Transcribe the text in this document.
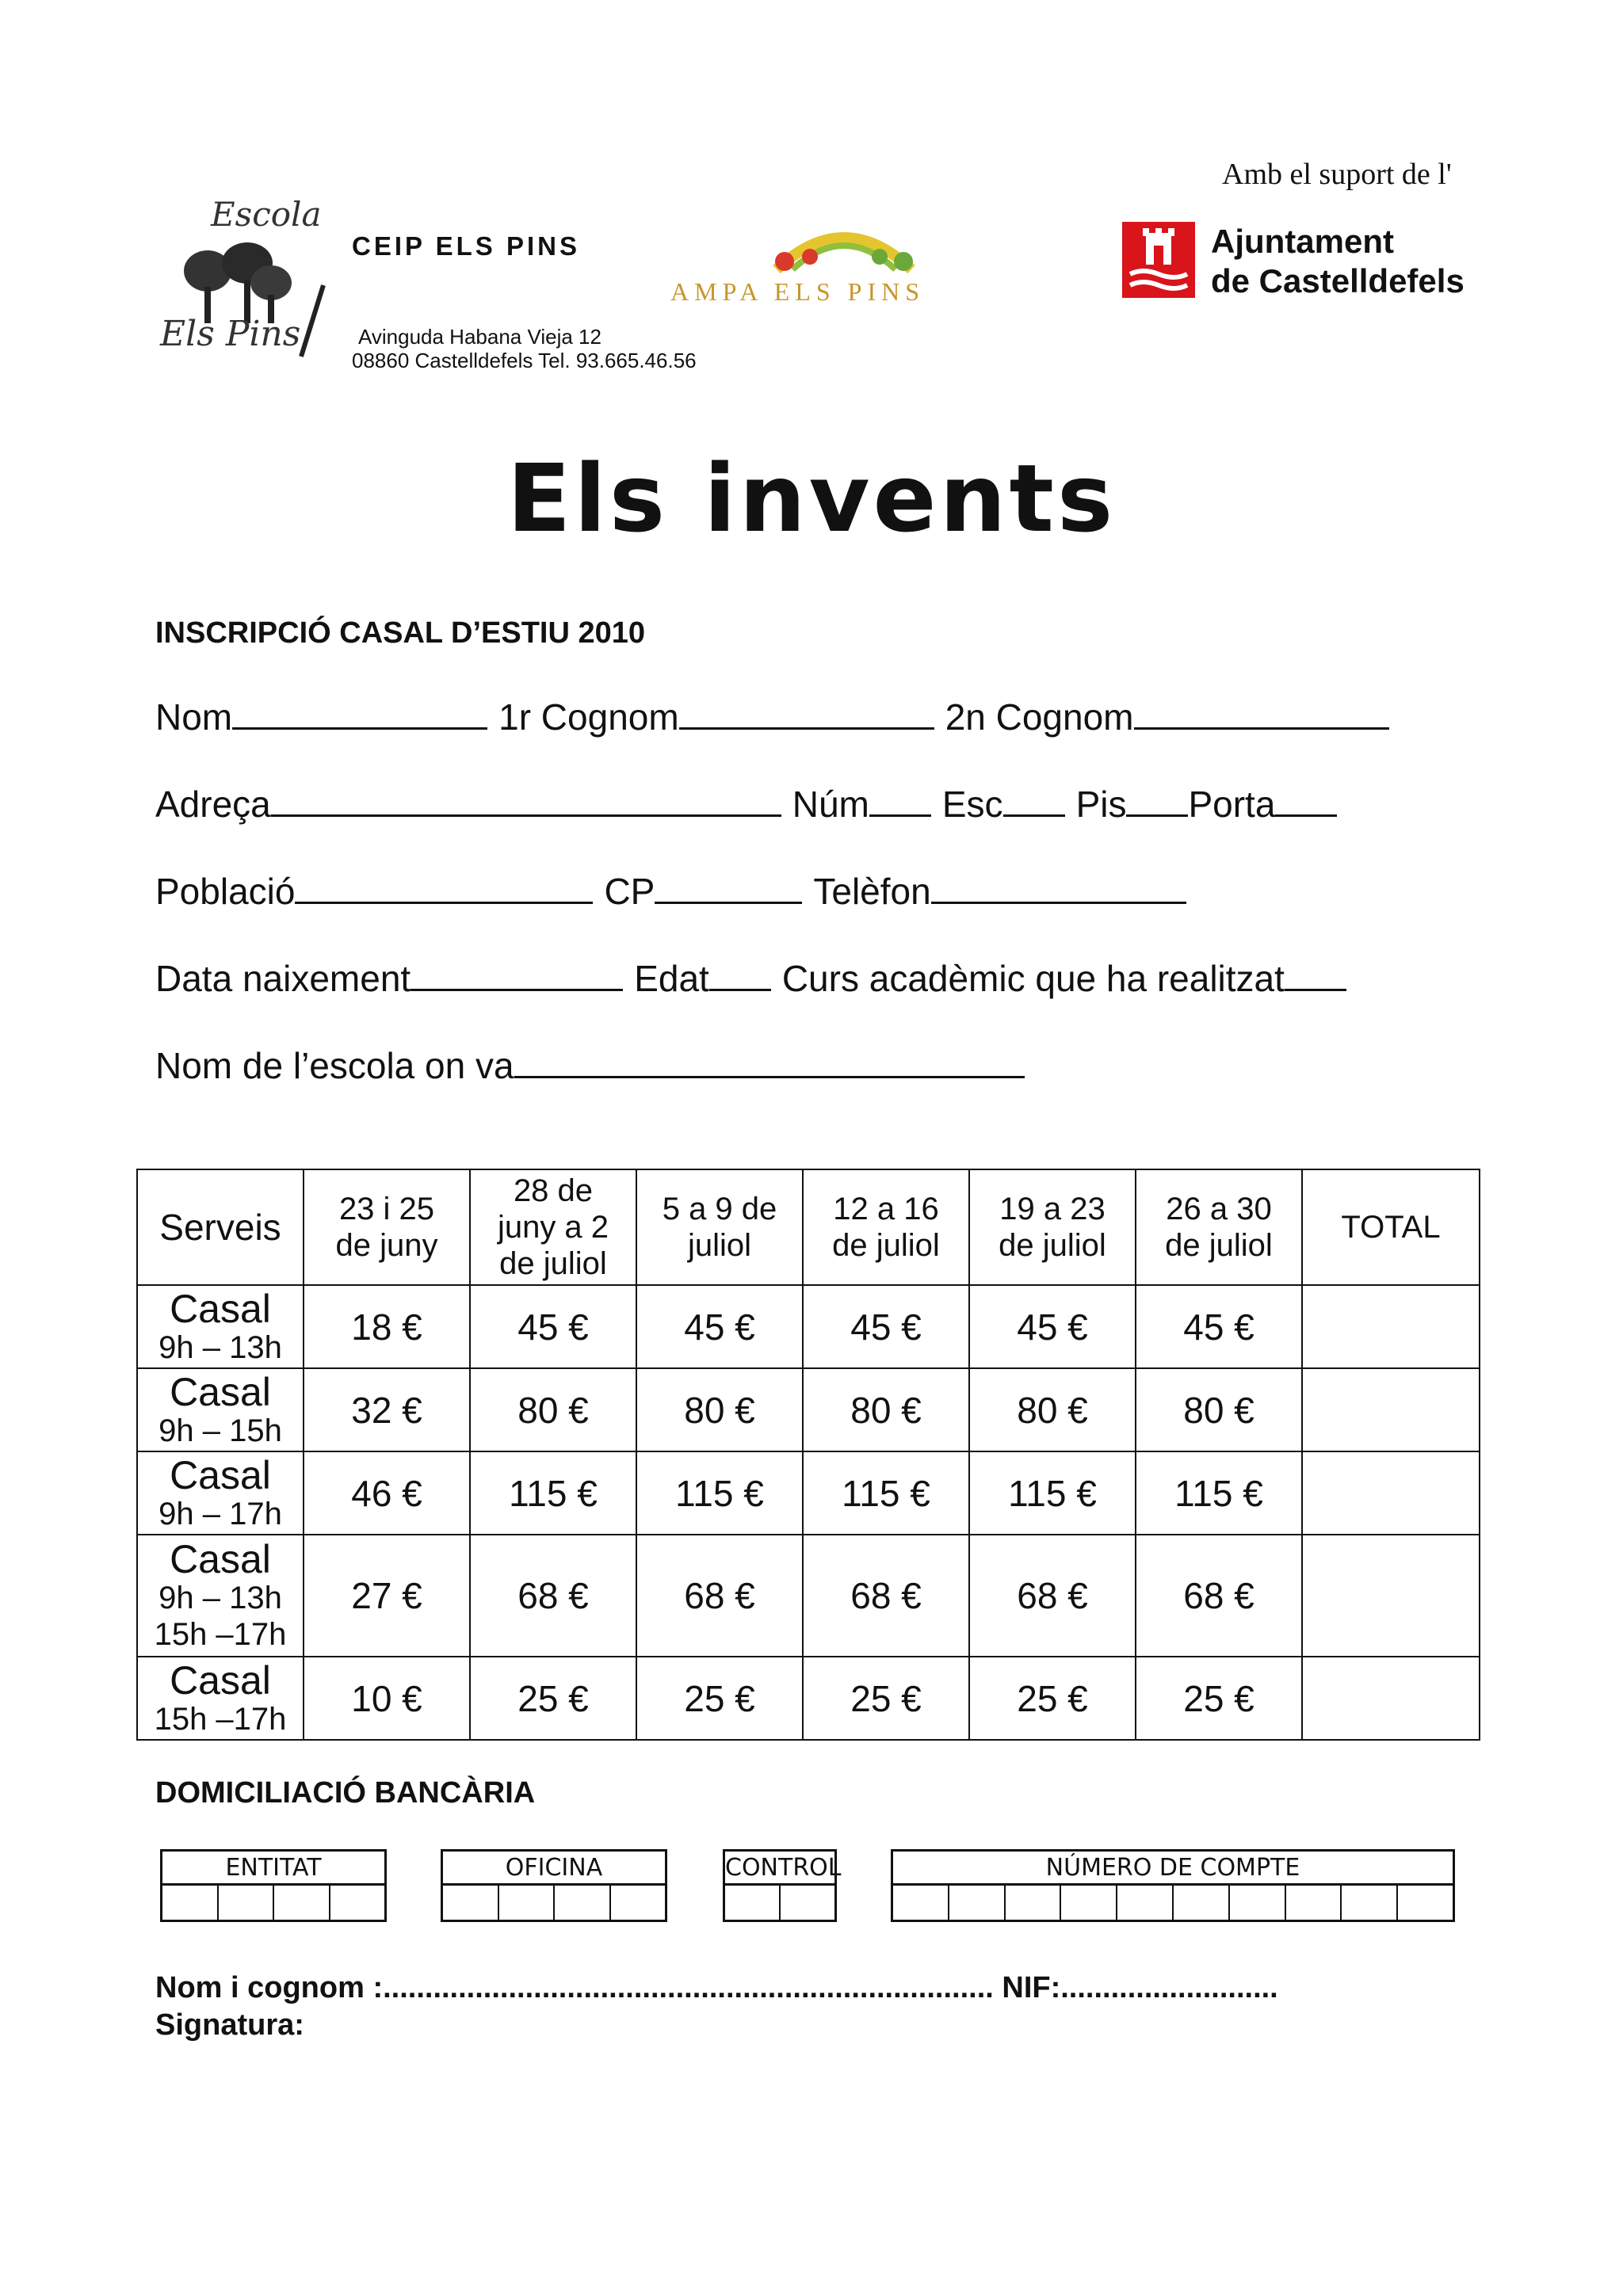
Escola
Els Pins
CEIP ELS PINS
Avinguda Habana Vieja 12
08860 Castelldefels Tel. 93.665.46.56
AMPA ELS PINS
Amb el suport de l'
Ajuntament
de Castelldefels
Els invents
INSCRIPCIÓ CASAL D’ESTIU 2010
Nom	1r Cognom	2n Cognom
Adreça	Núm Esc Pis Porta
Població	CP	Telèfon
Data naixement	Edat Curs acadèmic que ha realitzat
Nom de l’escola on va
Serveis	23 i 25 de juny	28 de juny a 2 de juliol	5 a 9 de juliol	12 a 16 de juliol	19 a 23 de juliol	26 a 30 de juliol	TOTAL

Casal
9h – 13h	18 €	45 €	45 €	45 €	45 €	45 €	

Casal
9h – 15h	32 €	80 €	80 €	80 €	80 €	80 €	

Casal
9h – 17h	46 €	115 €	115 €	115 €	115 €	115 €	

Casal
9h – 13h
15h –17h	27 €	68 €	68 €	68 €	68 €	68 €	

Casal
15h –17h	10 €	25 €	25 €	25 €	25 €	25 €	
DOMICILIACIÓ BANCÀRIA
ENTITAT	OFICINA	CONTROL	NÚMERO DE COMPTE
Nom i cognom :......................................................................... NIF:..........................
Signatura:
